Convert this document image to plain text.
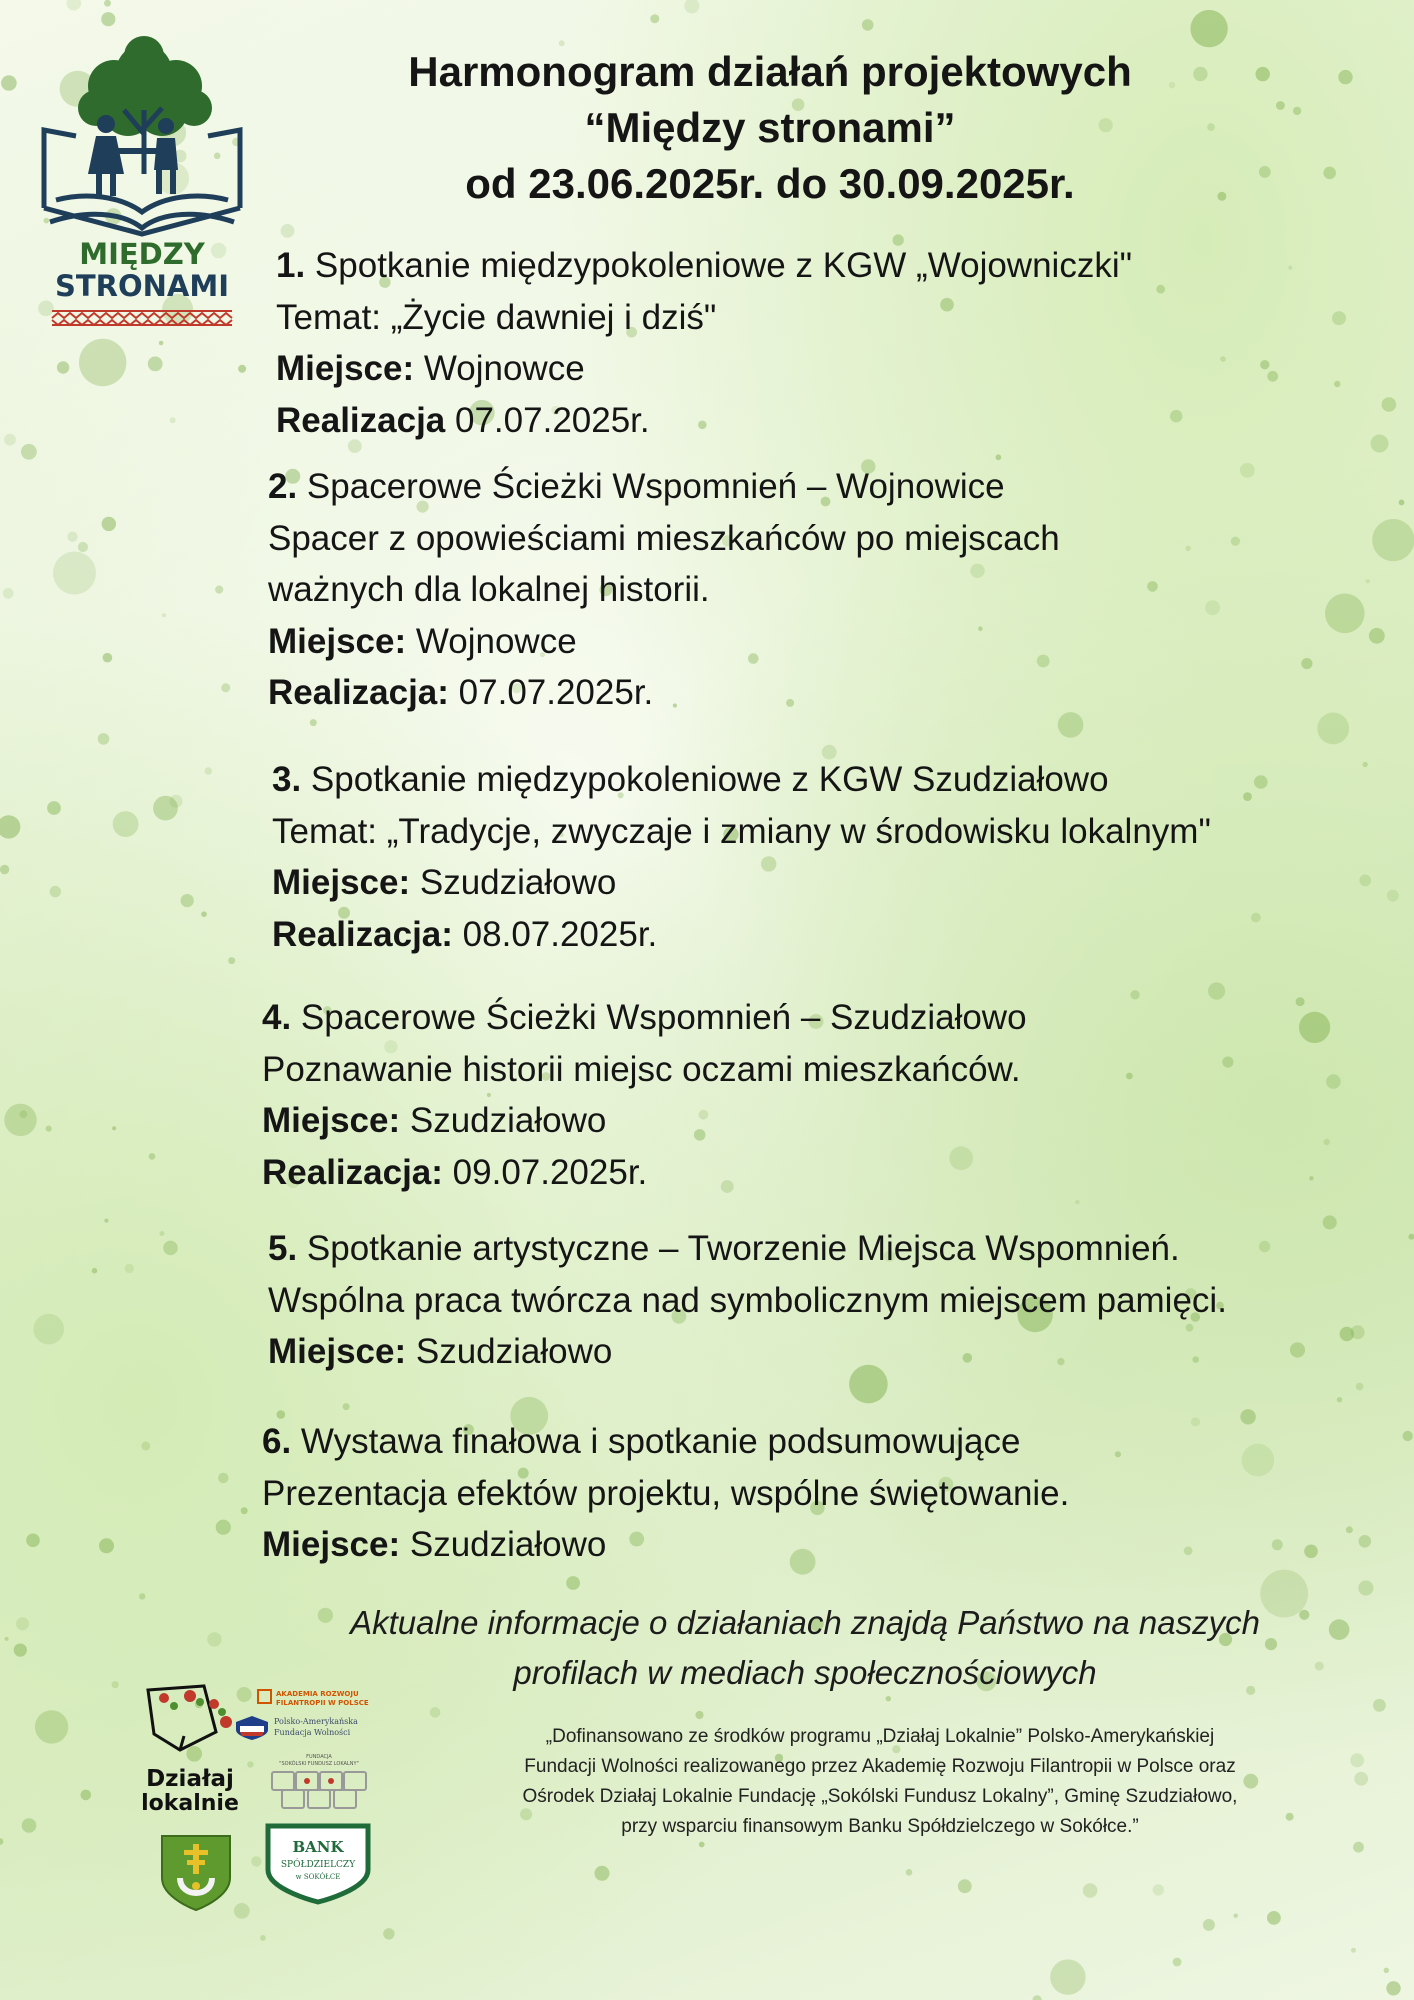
MIĘDZY
STRONAMI
Harmonogram działań projektowych
“Między stronami”
od 23.06.2025r. do 30.09.2025r.
1. Spotkanie międzypokoleniowe z KGW „Wojowniczki"
Temat: „Życie dawniej i dziś"
Miejsce: Wojnowce
Realizacja 07.07.2025r.
2. Spacerowe Ścieżki Wspomnień – Wojnowice
Spacer z opowieściami mieszkańców po miejscach
ważnych dla lokalnej historii.
Miejsce: Wojnowce
Realizacja: 07.07.2025r.
3. Spotkanie międzypokoleniowe z KGW Szudziałowo
Temat: „Tradycje, zwyczaje i zmiany w środowisku lokalnym"
Miejsce: Szudziałowo
Realizacja: 08.07.2025r.
4. Spacerowe Ścieżki Wspomnień – Szudziałowo
Poznawanie historii miejsc oczami mieszkańców.
Miejsce: Szudziałowo
Realizacja: 09.07.2025r.
5. Spotkanie artystyczne – Tworzenie Miejsca Wspomnień.
Wspólna praca twórcza nad symbolicznym miejscem pamięci.
Miejsce: Szudziałowo
6. Wystawa finałowa i spotkanie podsumowujące
Prezentacja efektów projektu, wspólne świętowanie.
Miejsce: Szudziałowo
Aktualne informacje o działaniach znajdą Państwo na naszych
profilach w mediach społecznościowych
„Dofinansowano ze środków programu „Działaj Lokalnie” Polsko-Amerykańskiej
Fundacji Wolności realizowanego przez Akademię Rozwoju Filantropii w Polsce oraz
Ośrodek Działaj Lokalnie Fundację „Sokólski Fundusz Lokalny”, Gminę Szudziałowo,
przy wsparciu finansowym Banku Spółdzielczego w Sokółce.”
Działaj
lokalnie
AKADEMIA ROZWOJU
FILANTROPII W POLSCE
Polsko-Amerykańska
Fundacja Wolności
FUNDACJA
"SOKÓLSKI FUNDUSZ LOKALNY"
BANK
SPÓŁDZIELCZY
w SOKÓŁCE
